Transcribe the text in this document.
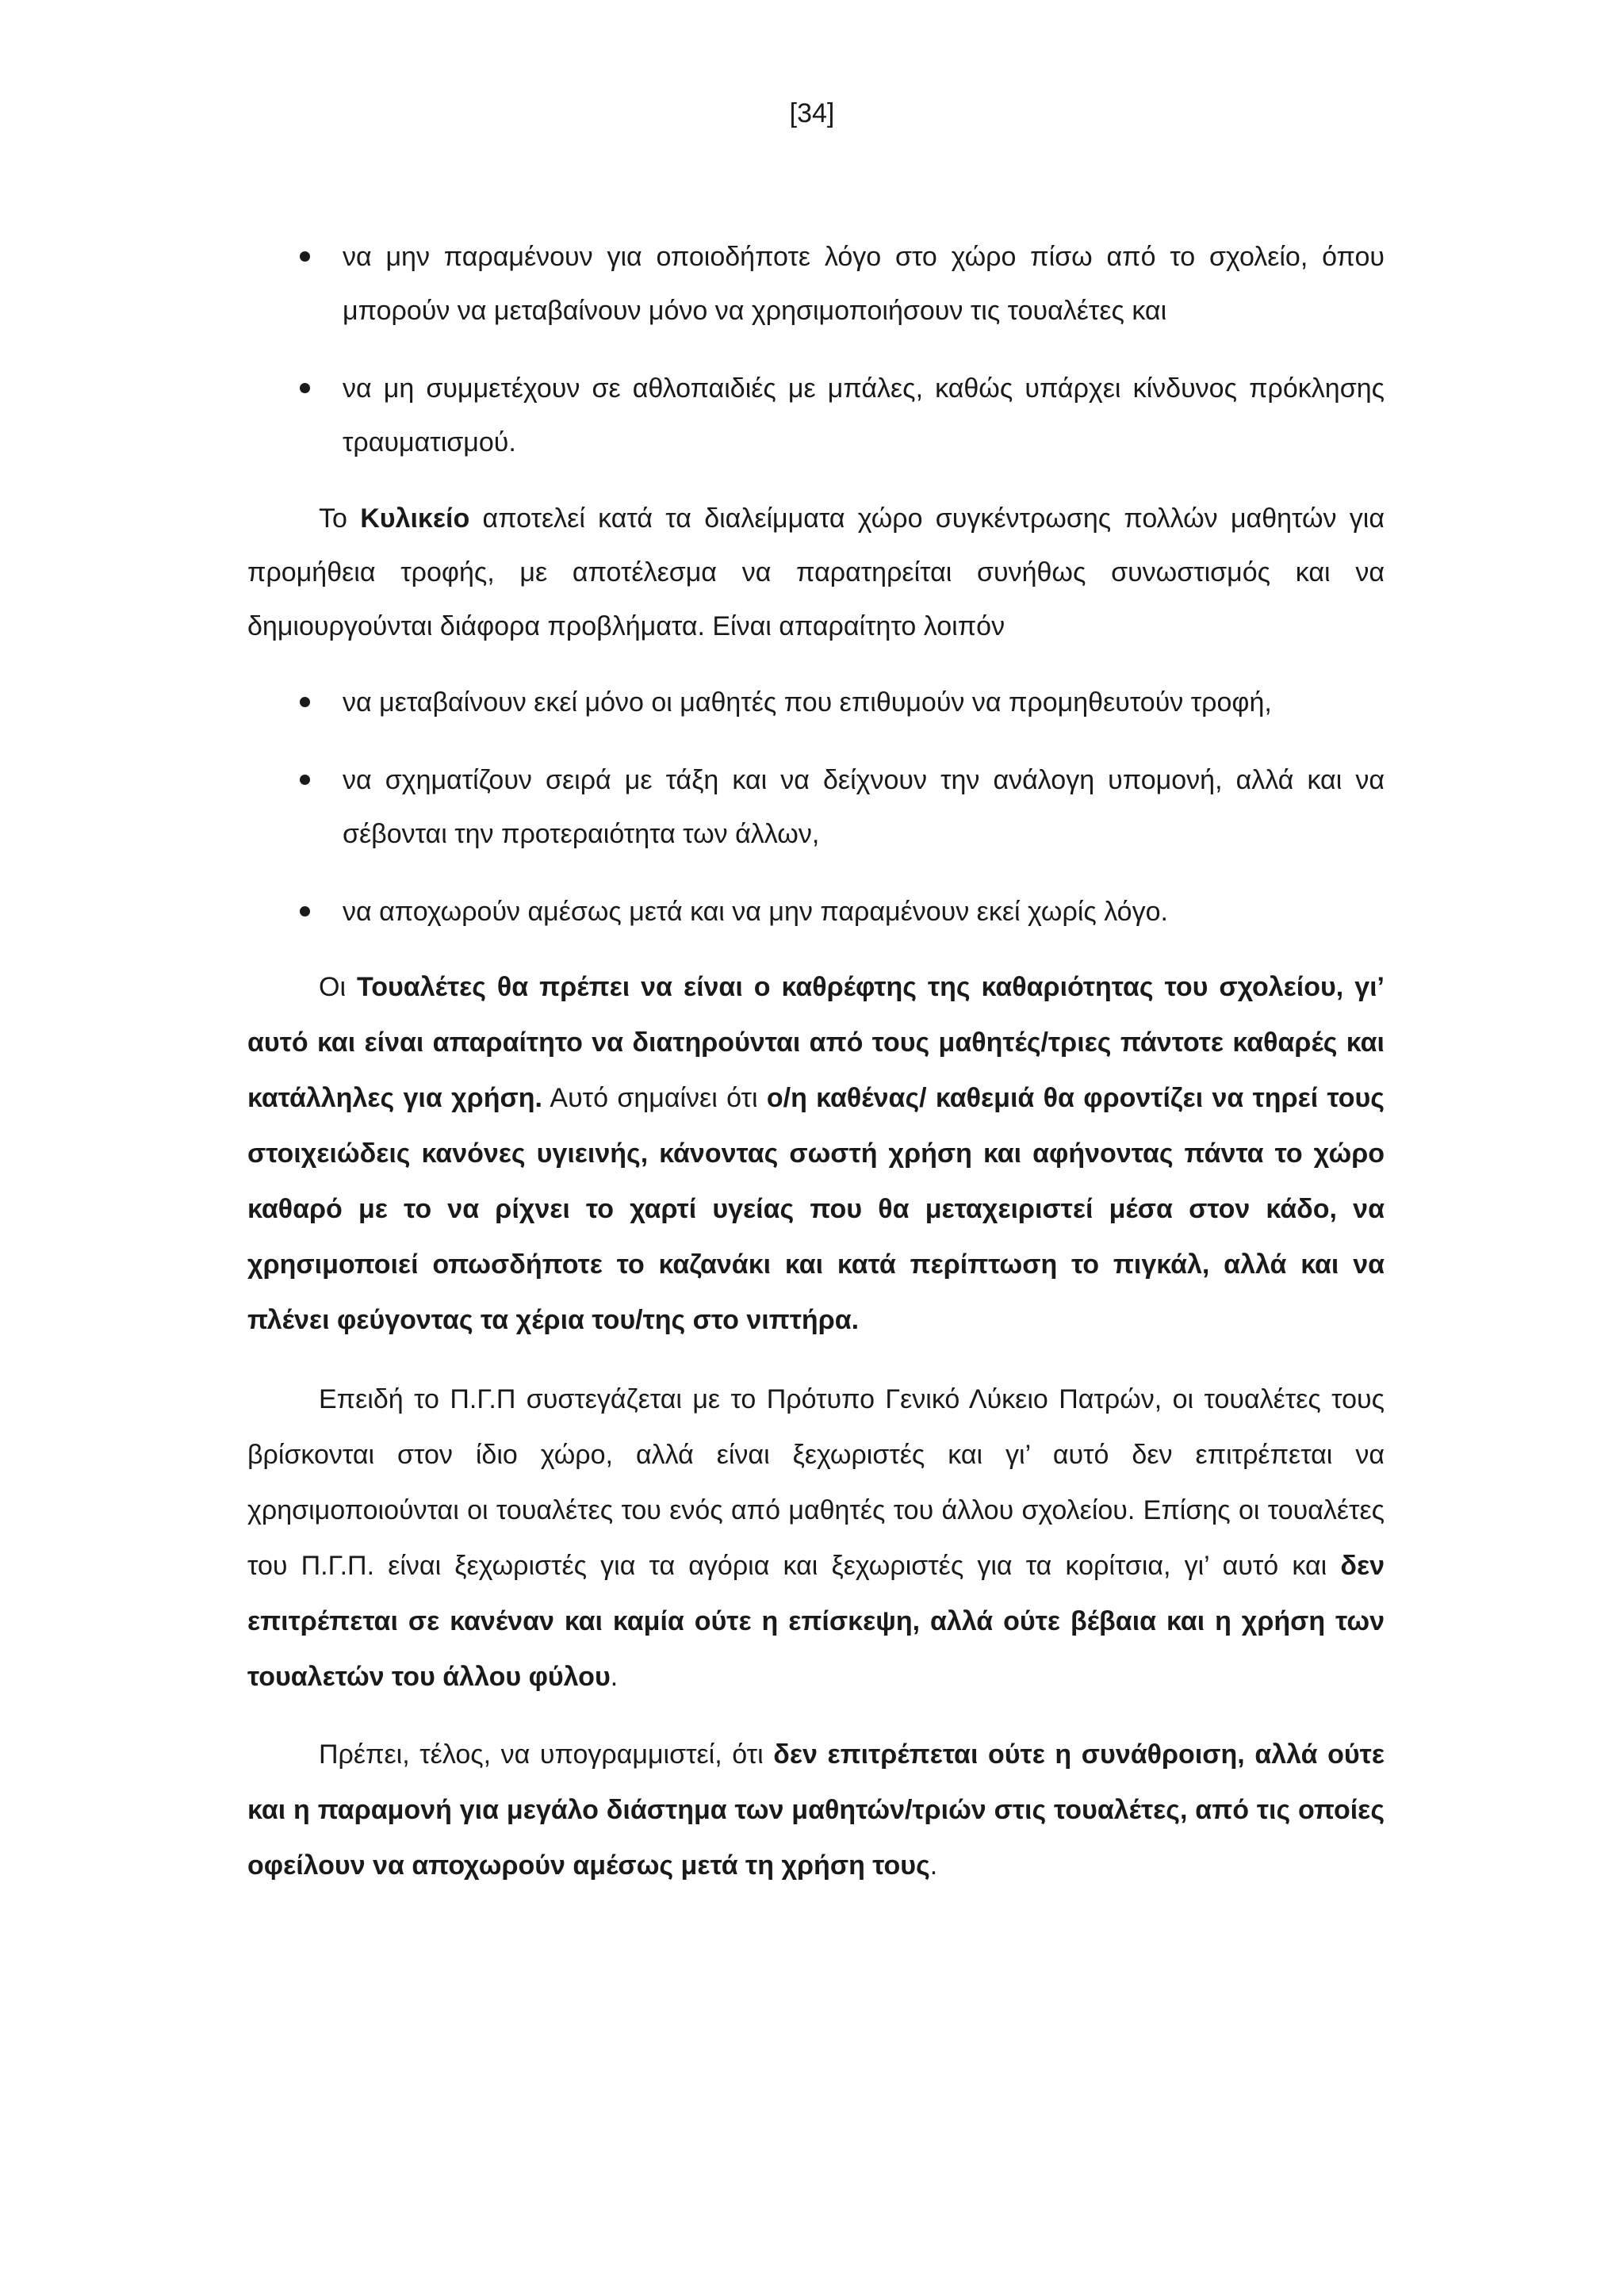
[34]
να μην παραμένουν για οποιοδήποτε λόγο στο χώρο πίσω από το σχολείο, όπου μπορούν να μεταβαίνουν μόνο να χρησιμοποιήσουν τις τουαλέτες και
να μη συμμετέχουν σε αθλοπαιδιές με μπάλες, καθώς υπάρχει κίνδυνος πρόκλησης τραυματισμού.

Το Κυλικείο αποτελεί κατά τα διαλείμματα χώρο συγκέντρωσης πολλών μαθητών για προμήθεια τροφής, με αποτέλεσμα να παρατηρείται συνήθως συνωστισμός και να δημιουργούνται διάφορα προβλήματα. Είναι απαραίτητο λοιπόν

να μεταβαίνουν εκεί μόνο οι μαθητές που επιθυμούν να προμηθευτούν τροφή,
να σχηματίζουν σειρά με τάξη και να δείχνουν την ανάλογη υπομονή, αλλά και να σέβονται την προτεραιότητα των άλλων,
να αποχωρούν αμέσως μετά και να μην παραμένουν εκεί χωρίς λόγο.

Οι Τουαλέτες θα πρέπει να είναι ο καθρέφτης της καθαριότητας του σχολείου, γι’ αυτό και είναι απαραίτητο να διατηρούνται από τους μαθητές/τριες πάντοτε καθαρές και κατάλληλες για χρήση. Αυτό σημαίνει ότι ο/η καθένας/ καθεμιά θα φροντίζει να τηρεί τους στοιχειώδεις κανόνες υγιεινής, κάνοντας σωστή χρήση και αφήνοντας πάντα το χώρο καθαρό με το να ρίχνει το χαρτί υγείας που θα μεταχειριστεί μέσα στον κάδο, να χρησιμοποιεί οπωσδήποτε το καζανάκι και κατά περίπτωση το πιγκάλ, αλλά και να πλένει φεύγοντας τα χέρια του/της στο νιπτήρα.

Επειδή το Π.Γ.Π συστεγάζεται με το Πρότυπο Γενικό Λύκειο Πατρών, οι τουαλέτες τους βρίσκονται στον ίδιο χώρο, αλλά είναι ξεχωριστές και γι’ αυτό δεν επιτρέπεται να χρησιμοποιούνται οι τουαλέτες του ενός από μαθητές του άλλου σχολείου. Επίσης οι τουαλέτες του Π.Γ.Π. είναι ξεχωριστές για τα αγόρια και ξεχωριστές για τα κορίτσια, γι’ αυτό και δεν επιτρέπεται σε κανέναν και καμία ούτε η επίσκεψη, αλλά ούτε βέβαια και η χρήση των τουαλετών του άλλου φύλου.

Πρέπει, τέλος, να υπογραμμιστεί, ότι δεν επιτρέπεται ούτε η συνάθροιση, αλλά ούτε και η παραμονή για μεγάλο διάστημα των μαθητών/τριών στις τουαλέτες, από τις οποίες οφείλουν να αποχωρούν αμέσως μετά τη χρήση τους.
